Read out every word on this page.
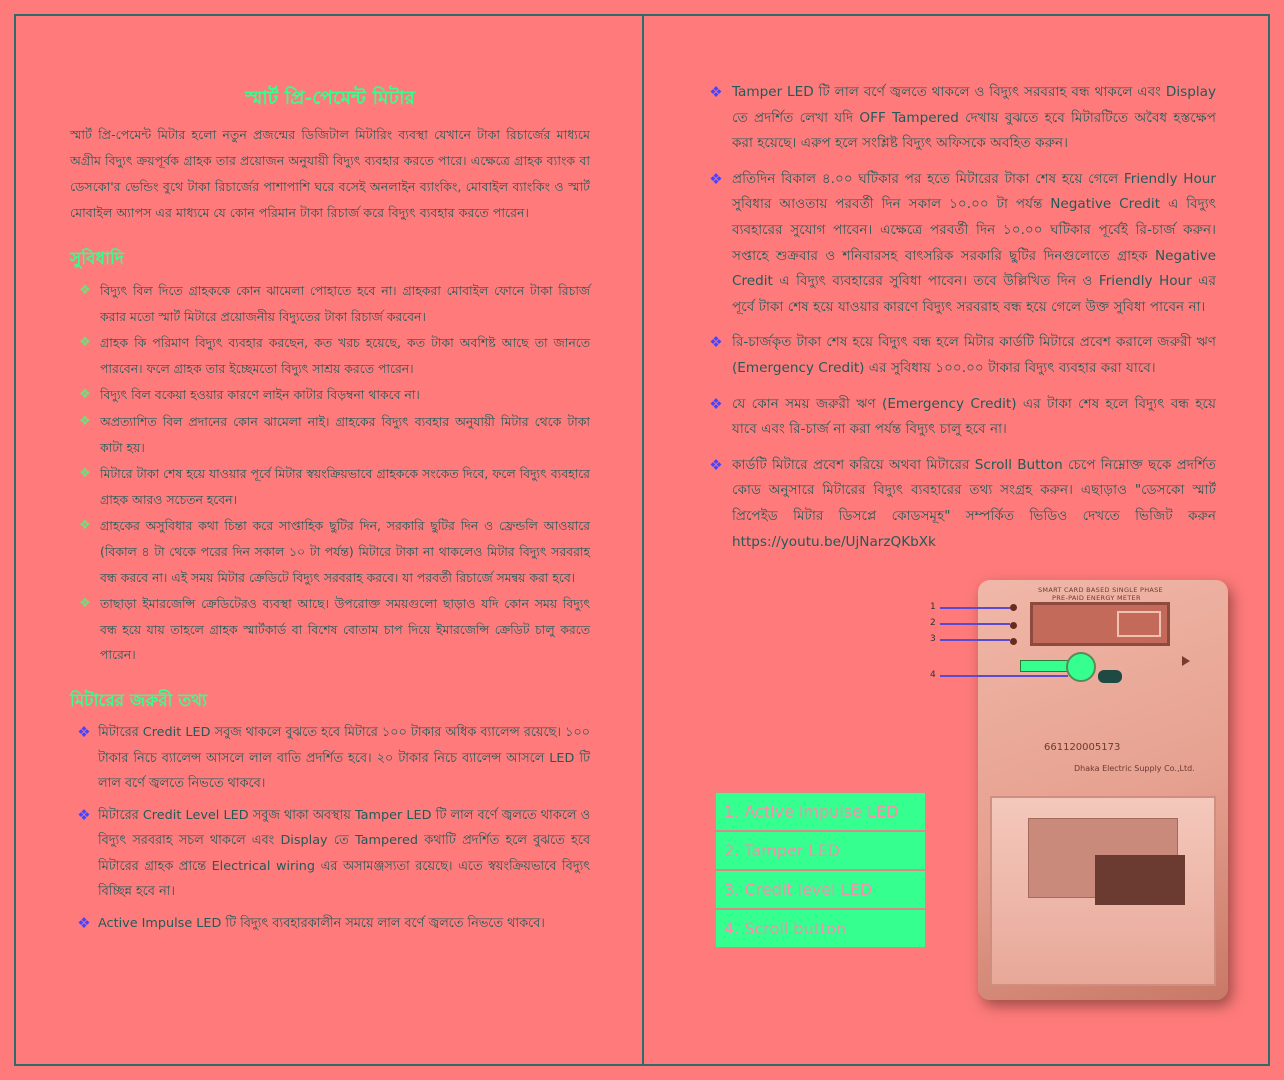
স্মার্ট প্রি-পেমেন্ট মিটার

স্মার্ট প্রি-পেমেন্ট মিটার হলো নতুন প্রজন্মের ডিজিটাল মিটারিং ব্যবস্থা যেখানে টাকা রিচার্জের মাধ্যমে অগ্রীম বিদ্যুৎ ক্রয়পূর্বক গ্রাহক তার প্রয়োজন অনুযায়ী বিদ্যুৎ ব্যবহার করতে পারে। এক্ষেত্রে গ্রাহক ব্যাংক বা ডেসকো'র ভেন্ডিং বুথে টাকা রিচার্জের পাশাপাশি ঘরে বসেই অনলাইন ব্যাংকিং, মোবাইল ব্যাংকিং ও স্মার্ট মোবাইল অ্যাপস এর মাধ্যমে যে কোন পরিমান টাকা রিচার্জ করে বিদ্যুৎ ব্যবহার করতে পারেন।

সুবিধাদি
❖ বিদ্যুৎ বিল দিতে গ্রাহককে কোন ঝামেলা পোহাতে হবে না। গ্রাহকরা মোবাইল ফোনে টাকা রিচার্জ করার মতো স্মার্ট মিটারে প্রয়োজনীয় বিদ্যুতের টাকা রিচার্জ করবেন।
❖ গ্রাহক কি পরিমাণ বিদ্যুৎ ব্যবহার করছেন, কত খরচ হয়েছে, কত টাকা অবশিষ্ট আছে তা জানতে পারবেন। ফলে গ্রাহক তার ইচ্ছেমতো বিদ্যুৎ সাশ্রয় করতে পারেন।
❖ বিদ্যুৎ বিল বকেয়া হওয়ার কারণে লাইন কাটার বিড়ম্বনা থাকবে না।
❖ অপ্রত্যাশিত বিল প্রদানের কোন ঝামেলা নাই। গ্রাহকের বিদ্যুৎ ব্যবহার অনুযায়ী মিটার থেকে টাকা কাটা হয়।
❖ মিটারে টাকা শেষ হয়ে যাওয়ার পূর্বে মিটার স্বয়ংক্রিয়ভাবে গ্রাহককে সংকেত দিবে, ফলে বিদ্যুৎ ব্যবহারে গ্রাহক আরও সচেতন হবেন।
❖ গ্রাহকের অসুবিধার কথা চিন্তা করে সাপ্তাহিক ছুটির দিন, সরকারি ছুটির দিন ও ফ্রেন্ডলি আওয়ারে (বিকাল ৪ টা থেকে পরের দিন সকাল ১০ টা পর্যন্ত) মিটারে টাকা না থাকলেও মিটার বিদ্যুৎ সরবরাহ বন্ধ করবে না। এই সময় মিটার ক্রেডিটে বিদ্যুৎ সরবরাহ করবে। যা পরবর্তী রিচার্জে সমন্বয় করা হবে।
❖ তাছাড়া ইমারজেন্সি ক্রেডিটেরও ব্যবস্থা আছে। উপরোক্ত সময়গুলো ছাড়াও যদি কোন সময় বিদ্যুৎ বন্ধ হয়ে যায় তাহলে গ্রাহক স্মার্টকার্ড বা বিশেষ বোতাম চাপ দিয়ে ইমারজেন্সি ক্রেডিট চালু করতে পারেন।
মিটারের জরুরী তথ্য
❖ মিটারের Credit LED সবুজ থাকলে বুঝতে হবে মিটারে ১০০ টাকার অধিক ব্যালেন্স রয়েছে। ১০০ টাকার নিচে ব্যালেন্স আসলে লাল বাতি প্রদর্শিত হবে। ২০ টাকার নিচে ব্যালেন্স আসলে LED টি লাল বর্ণে জ্বলতে নিভতে থাকবে।
❖ মিটারের Credit Level LED সবুজ থাকা অবস্থায় Tamper LED টি লাল বর্ণে জ্বলতে থাকলে ও বিদ্যুৎ সরবরাহ সচল থাকলে এবং Display তে Tampered কথাটি প্রদর্শিত হলে বুঝতে হবে মিটারের গ্রাহক প্রান্তে Electrical wiring এর অসামঞ্জস্যতা রয়েছে। এতে স্বয়ংক্রিয়ভাবে বিদ্যুৎ বিচ্ছিন্ন হবে না।
❖ Active Impulse LED টি বিদ্যুৎ ব্যবহারকালীন সময়ে লাল বর্ণে জ্বলতে নিভতে থাকবে।
❖ Tamper LED টি লাল বর্ণে জ্বলতে থাকলে ও বিদ্যুৎ সরবরাহ বন্ধ থাকলে এবং Display তে প্রদর্শিত লেখা যদি OFF Tampered দেখায় বুঝতে হবে মিটারটিতে অবৈধ হস্তক্ষেপ করা হয়েছে। এরুপ হলে সংশ্লিষ্ট বিদ্যুৎ অফিসকে অবহিত করুন।
❖ প্রতিদিন বিকাল ৪.০০ ঘটিকার পর হতে মিটারের টাকা শেষ হয়ে গেলে Friendly Hour সুবিধার আওতায় পরবর্তী দিন সকাল ১০.০০ টা পর্যন্ত Negative Credit এ বিদ্যুৎ ব্যবহারের সুযোগ পাবেন। এক্ষেত্রে পরবর্তী দিন ১০.০০ ঘটিকার পূর্বেই রি-চার্জ করুন। সপ্তাহে শুক্রবার ও শনিবারসহ বাৎসরিক সরকারি ছুটির দিনগুলোতে গ্রাহক Negative Credit এ বিদ্যুৎ ব্যবহারের সুবিধা পাবেন। তবে উল্লিখিত দিন ও Friendly Hour এর পূর্বে টাকা শেষ হয়ে যাওয়ার কারণে বিদ্যুৎ সরবরাহ বন্ধ হয়ে গেলে উক্ত সুবিধা পাবেন না।
❖ রি-চার্জকৃত টাকা শেষ হয়ে বিদ্যুৎ বন্ধ হলে মিটার কার্ডটি মিটারে প্রবেশ করালে জরুরী ঋণ (Emergency Credit) এর সুবিধায় ১০০.০০ টাকার বিদ্যুৎ ব্যবহার করা যাবে।
❖ যে কোন সময় জরুরী ঋণ (Emergency Credit) এর টাকা শেষ হলে বিদ্যুৎ বন্ধ হয়ে যাবে এবং রি-চার্জ না করা পর্যন্ত বিদ্যুৎ চালু হবে না।
❖ কার্ডটি মিটারে প্রবেশ করিয়ে অথবা মিটারের Scroll Button চেপে নিম্নোক্ত ছকে প্রদর্শিত কোড অনুসারে মিটারের বিদ্যুৎ ব্যবহারের তথ্য সংগ্রহ করুন। এছাড়াও "ডেসকো স্মার্ট প্রিপেইড মিটার ডিসপ্লে কোডসমূহ" সম্পর্কিত ভিডিও দেখতে ভিজিট করুন https://youtu.be/UjNarzQKbXk
SMART CARD BASED SINGLE PHASE
PRE-PAID ENERGY METER
661120005173
Dhaka Electric Supply Co.,Ltd.
1
2
3
4
1. Active impulse LED
2. Tamper LED
3. Credit level LED
4. Scroll button
